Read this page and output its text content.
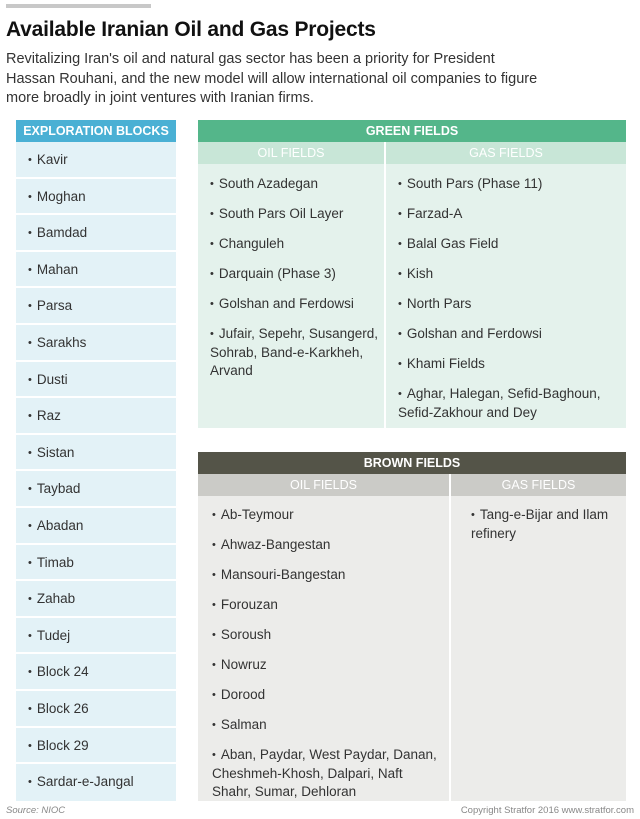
Available Iranian Oil and Gas Projects

Revitalizing Iran's oil and natural gas sector has been a priority for President Hassan Rouhani, and the new model will allow international oil companies to figure more broadly in joint ventures with Iranian firms.

EXPLORATION BLOCKS
• Kavir
• Moghan
• Bamdad
• Mahan
• Parsa
• Sarakhs
• Dusti
• Raz
• Sistan
• Taybad
• Abadan
• Timab
• Zahab
• Tudej
• Block 24
• Block 26
• Block 29
• Sardar-e-Jangal
GREEN FIELDS
OIL FIELDS	GAS FIELDS
• South Azadegan
• South Pars Oil Layer
• Changuleh
• Darquain (Phase 3)
• Golshan and Ferdowsi
• Jufair, Sepehr, Susangerd, Sohrab, Band-e-Karkheh, Arvand
• South Pars (Phase 11)
• Farzad-A
• Balal Gas Field
• Kish
• North Pars
• Golshan and Ferdowsi
• Khami Fields
• Aghar, Halegan, Sefid-Baghoun, Sefid-Zakhour and Dey
BROWN FIELDS
OIL FIELDS	GAS FIELDS
• Ab-Teymour
• Ahwaz-Bangestan
• Mansouri-Bangestan
• Forouzan
• Soroush
• Nowruz
• Dorood
• Salman
• Aban, Paydar, West Paydar, Danan, Cheshmeh-Khosh, Dalpari, Naft Shahr, Sumar, Dehloran
• Tang-e-Bijar and Ilam refinery
Source: NIOC	Copyright Stratfor 2016 www.stratfor.com
